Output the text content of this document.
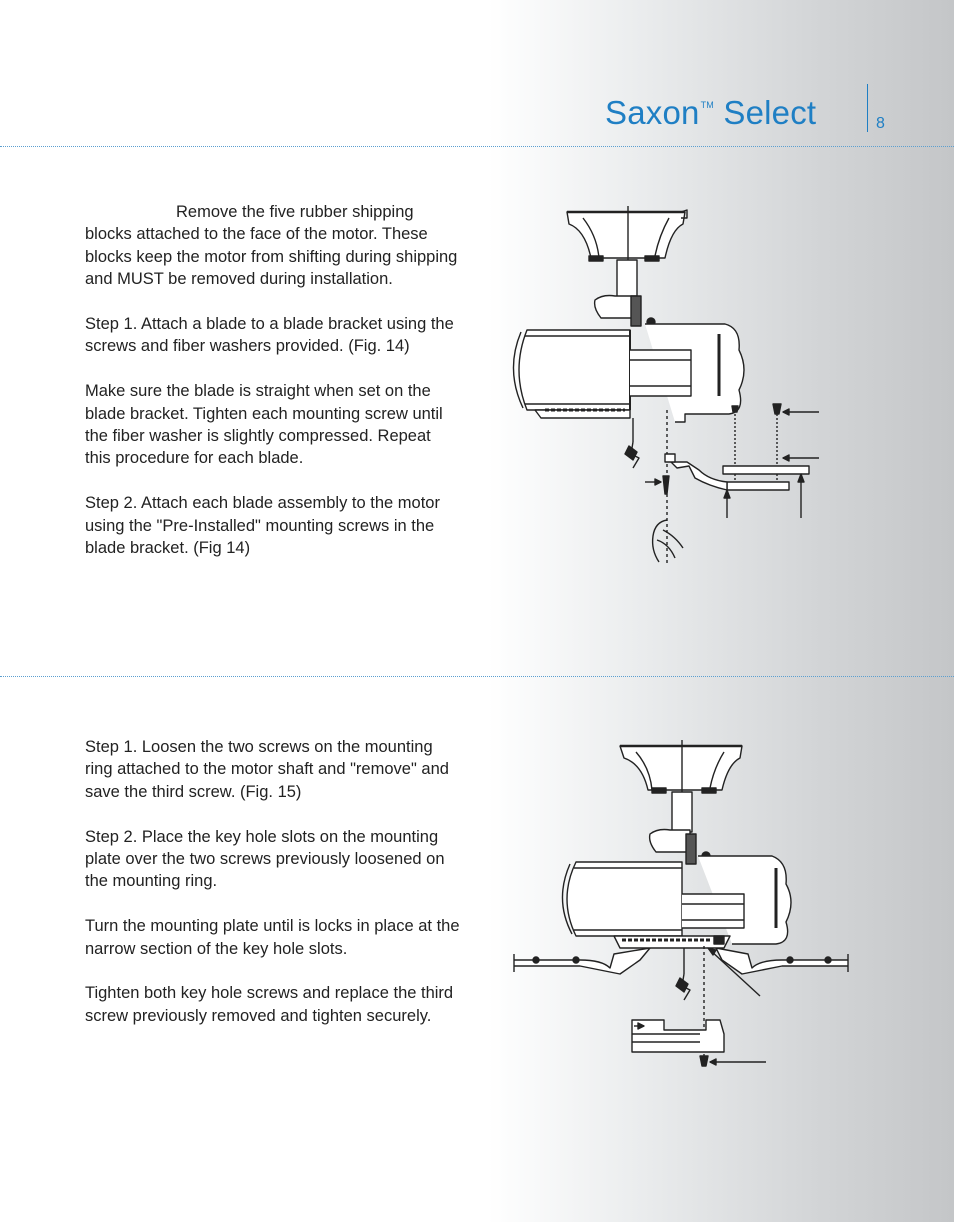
Saxon™ Select	8

Remove the five rubber shipping blocks attached to the face of the motor. These blocks keep the motor from shifting during shipping and MUST be removed during installation.

Step 1. Attach a blade to a blade bracket using the screws and fiber washers provided. (Fig. 14)

Make sure the blade is straight when set on the blade bracket. Tighten each mounting screw until the fiber washer is slightly compressed. Repeat this procedure for each blade.

Step 2. Attach each blade assembly to the motor using the "Pre-Installed" mounting screws in the blade bracket. (Fig 14)

Step 1. Loosen the two screws on the mounting ring attached to the motor shaft and "remove" and save the third screw. (Fig. 15)

Step 2. Place the key hole slots on the mounting plate over the two screws previously loosened on the mounting ring.

Turn the mounting plate until is locks in place at the narrow section of the key hole slots.

Tighten both key hole screws and replace the third screw previously removed and tighten securely.
